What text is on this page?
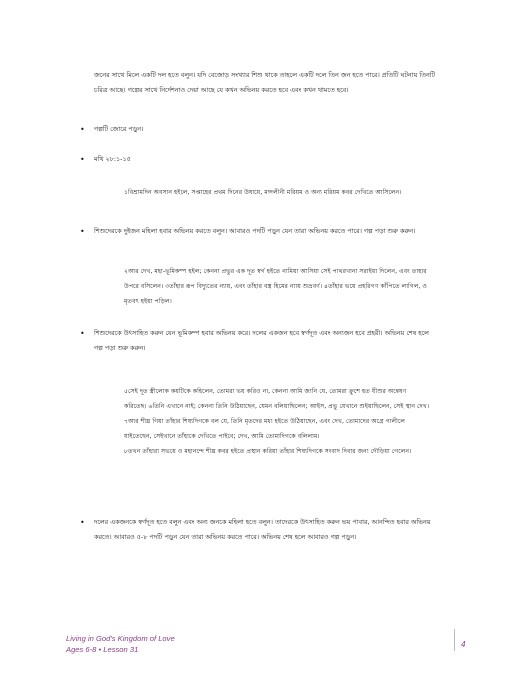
জনের সাথে মিলে একটি দল হতে বলুন। যদি বেজোড় সংখ্যার শিশু থাকে তাহলে একটি দলে তিন জন হতে পারে। প্রতিটি ঘটনায় তিনটি
চরিত্র আছে। গল্পের সাথে নির্দেশনাও দেয়া আছে যে কখন অভিনয় করতে হবে এবং কখন থামতে হবে।
• গল্পটি জোরে পড়ুন।
• মথি ২৮:১-১৫
১বিশ্রামদিন অবসান হইলে, সপ্তাহের প্রথম দিনের উষায়ে, মগ্দলীনী মরিয়ম ও অন্য মরিয়ম কবর দেখিতে আসিলেন।
• শিশুদেরকে দুইজন মহিলা হবার অভিনয় করতে বলুন। আবারও পদটি পড়ুন যেন তারা অভিনয় করতে পারে। গল্প পড়া শুরু করুন।
২আর দেখ, মহা-ভূমিকম্প হইল; কেননা প্রভুর এক দূত স্বর্গ হইতে নামিয়া আসিয়া সেই পাথরখানা সরাইয়া দিলেন, এবং তাহার
উপরে বসিলেন। ৩তাঁহার রূপ বিদ্যুতের ন্যায়, এবং তাঁহার বস্ত্র হিমের ন্যায় শুভ্রবর্ণ। ৪তাঁহার ভয়ে প্রহরিগণ কাঁপিতে লাগিল, ও
মৃতবৎ হইয়া পড়িল।
• শিশুদেরকে উৎসাহিত করুন যেন ভূমিকম্প হবার অভিনয় করে। দলের একজন হবে স্বর্গদূত এবং অন্যজন হবে প্রহরী। অভিনয় শেষ হলে
গল্প পড়া শুরু করুন।
৫সেই দূত স্ত্রীলোক কয়টিকে কহিলেন, তোমরা ভয় করিও না, কেননা আমি জানি যে, তোমরা ক্রুশে হত যীশুর অন্বেষণ
করিতেছ। ৬তিনি এখানে নাই; কেননা তিনি উঠিয়াছেন, যেমন বলিয়াছিলেন; আইস, প্রভু যেখানে শুইয়াছিলেন, সেই স্থান দেখ।
৭আর শীঘ্র গিয়া তাঁহার শিষ্যদিগকে বল যে, তিনি মৃতদের মধ্য হইতে উঠিয়াছেন, এবং দেখ, তোমাদের অগ্রে গালীলে
যাইতেছেন, সেইখানে তাঁহাকে দেখিতে পাইবে; দেখ, আমি তোমাদিগকে বলিলাম।
৮তখন তাঁহারা সভয়ে ও মহানন্দে শীঘ্র কবর হইতে প্রস্থান করিয়া তাঁহার শিষ্যদিগকে সংবাদ দিবার জন্য দৌড়িয়া গেলেন।
• দলের একজনকে স্বর্গদূত হতে বলুন এবং অন্য জনকে মহিলা হতে বলুন। তাদেরকে উৎসাহিত করুন ভয় পাবার, আনন্দিত হবার অভিনয়
করতে। আবারও ৫-৮ পদটি পড়ুন যেন তারা অভিনয় করতে পারে। অভিনয় শেষ হলে আবারও গল্প পড়ুন।
Living in God's Kingdom of Love
Ages 6-8 • Lesson 31
4
